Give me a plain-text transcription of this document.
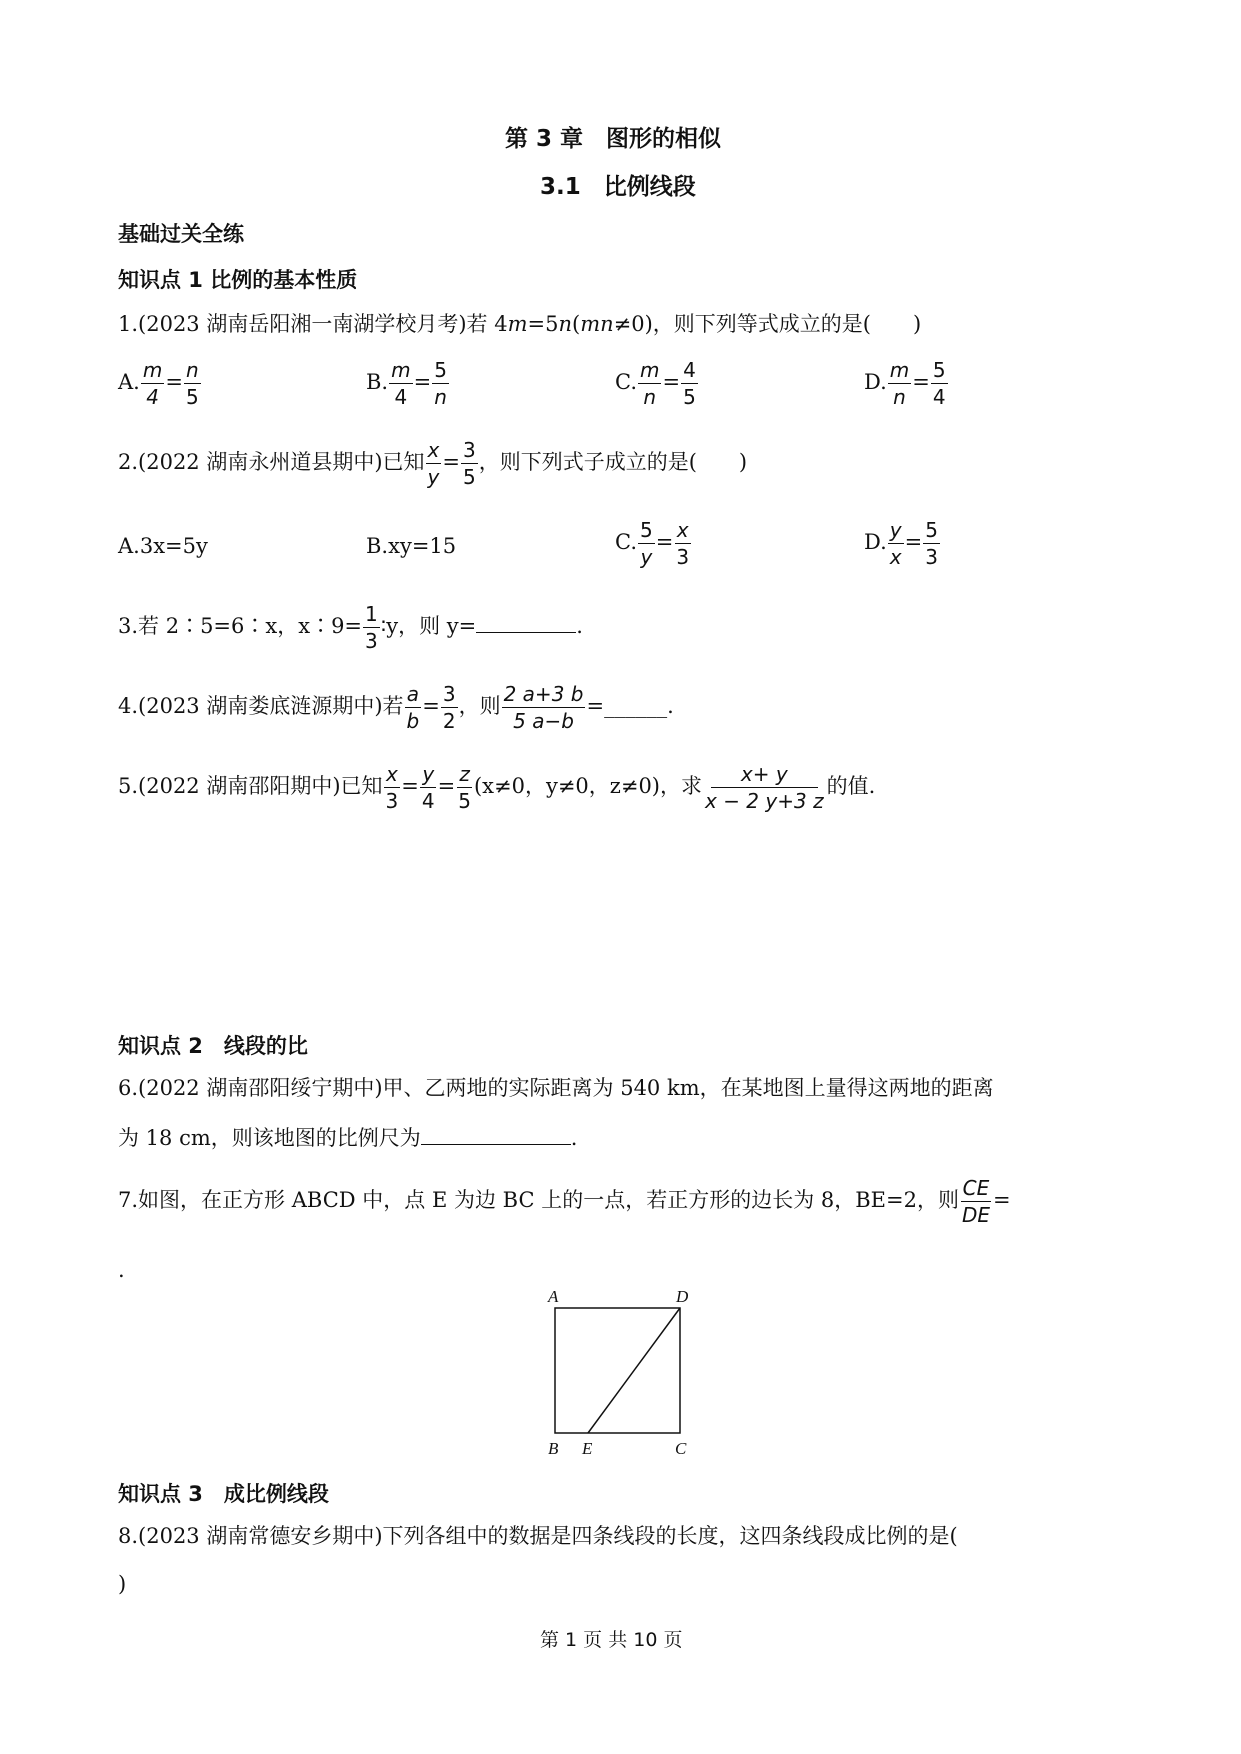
第 3 章　图形的相似
3.1　比例线段
基础过关全练
知识点 1 比例的基本性质
1.(2023 湖南岳阳湘一南湖学校月考)若 4m=5n(mn≠0)，则下列等式成立的是(　　)
A. $\frac{m}{4} = \frac{n}{5}$	B. $\frac{m}{4} = \frac{5}{n}$	C. $\frac{m}{n} = \frac{4}{5}$	D. $\frac{m}{n} = \frac{5}{4}$
2.(2022 湖南永州道县期中)已知 $\frac{x}{y} = \frac{3}{5}$ ，则下列式子成立的是(　　)
A.3x=5y	B.xy=15	C. $\frac{5}{y} = \frac{x}{3}$	D. $\frac{y}{x} = \frac{5}{3}$
3.若 2∶5=6∶x，x∶9= $\frac{1}{3}$ ∶y，则 y=	.
4.(2023 湖南娄底涟源期中)若 $\frac{a}{b} = \frac{3}{2}$ ，则 $\frac{2 a+3 b}{5 a-b}$ =______.
5.(2022 湖南邵阳期中)已知 $\frac{x}{3} = \frac{y}{4} = \frac{z}{5} (x\ne 0$，y≠0，z≠0)，求 $\frac{x+ y}{x - 2 y+3 z}$ 的值.
知识点 2　线段的比
6.(2022 湖南邵阳绥宁期中)甲、乙两地的实际距离为 540 km，在某地图上量得这两地的距离
为 18 cm，则该地图的比例尺为	.
7.如图，在正方形 ABCD 中，点 E 为边 BC 上的一点，若正方形的边长为 8，BE=2，则 $\frac{CE}{DE}$ =
.
A	D
B E	C
知识点 3　成比例线段
8.(2023 湖南常德安乡期中)下列各组中的数据是四条线段的长度，这四条线段成比例的是(
)
第 1 页 共 10 页
